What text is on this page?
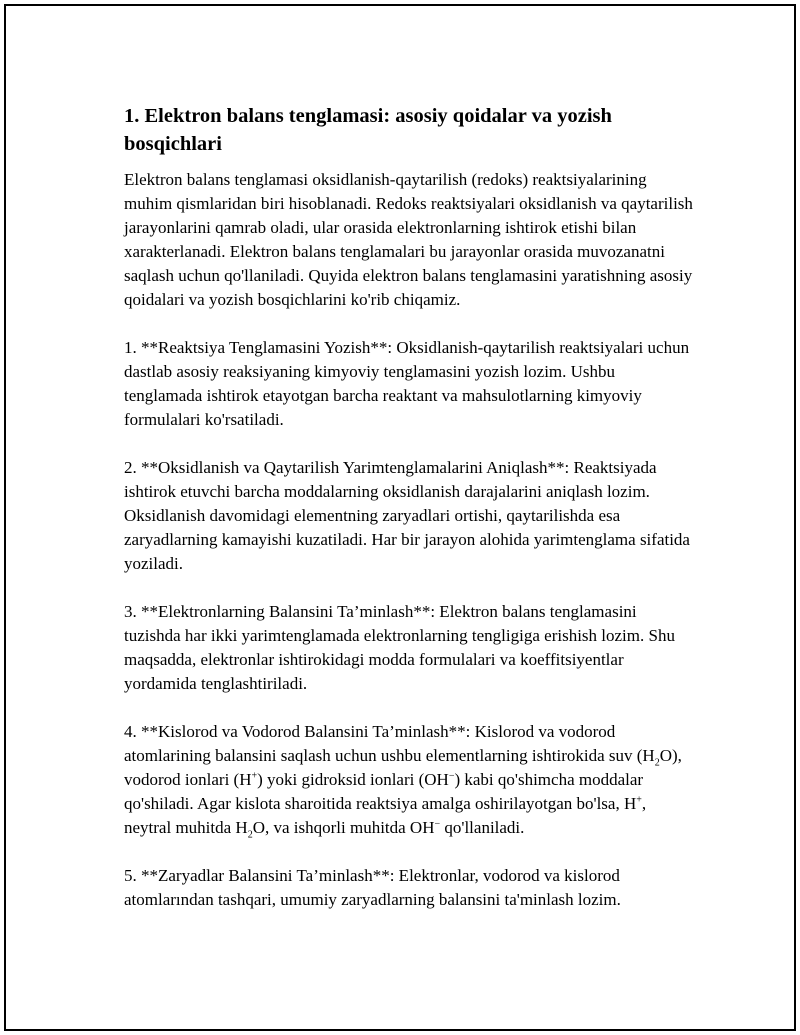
1. Elektron balans tenglamasi: asosiy qoidalar va yozish bosqichlari

Elektron balans tenglamasi oksidlanish-qaytarilish (redoks) reaktsiyalarining muhim qismlaridan biri hisoblanadi. Redoks reaktsiyalari oksidlanish va qaytarilish jarayonlarini qamrab oladi, ular orasida elektronlarning ishtirok etishi bilan xarakterlanadi. Elektron balans tenglamalari bu jarayonlar orasida muvozanatni saqlash uchun qo'llaniladi. Quyida elektron balans tenglamasini yaratishning asosiy qoidalari va yozish bosqichlarini ko'rib chiqamiz.

1. **Reaktsiya Tenglamasini Yozish**: Oksidlanish-qaytarilish reaktsiyalari uchun dastlab asosiy reaksiyaning kimyoviy tenglamasini yozish lozim. Ushbu tenglamada ishtirok etayotgan barcha reaktant va mahsulotlarning kimyoviy formulalari ko'rsatiladi.

2. **Oksidlanish va Qaytarilish Yarimtenglamalarini Aniqlash**: Reaktsiyada ishtirok etuvchi barcha moddalarning oksidlanish darajalarini aniqlash lozim. Oksidlanish davomidagi elementning zaryadlari ortishi, qaytarilishda esa zaryadlarning kamayishi kuzatiladi. Har bir jarayon alohida yarimtenglama sifatida yoziladi.

3. **Elektronlarning Balansini Ta’minlash**: Elektron balans tenglamasini tuzishda har ikki yarimtenglamada elektronlarning tengligiga erishish lozim. Shu maqsadda, elektronlar ishtirokidagi modda formulalari va koeffitsiyentlar yordamida tenglashtiriladi.

4. **Kislorod va Vodorod Balansini Ta’minlash**: Kislorod va vodorod atomlarining balansini saqlash uchun ushbu elementlarning ishtirokida suv $(H_2O)$, vodorod ionlari (H+) yoki gidroksid ionlari (OH−) kabi qo'shimcha moddalar qo'shiladi. Agar kislota sharoitida reaktsiya amalga oshirilayotgan bo'lsa, H+, neytral muhitda $H_2O$, va ishqorli muhitda OH− qo'llaniladi.

5. **Zaryadlar Balansini Ta’minlash**: Elektronlar, vodorod va kislorod atomlarından tashqari, umumiy zaryadlarning balansini ta'minlash lozim.
